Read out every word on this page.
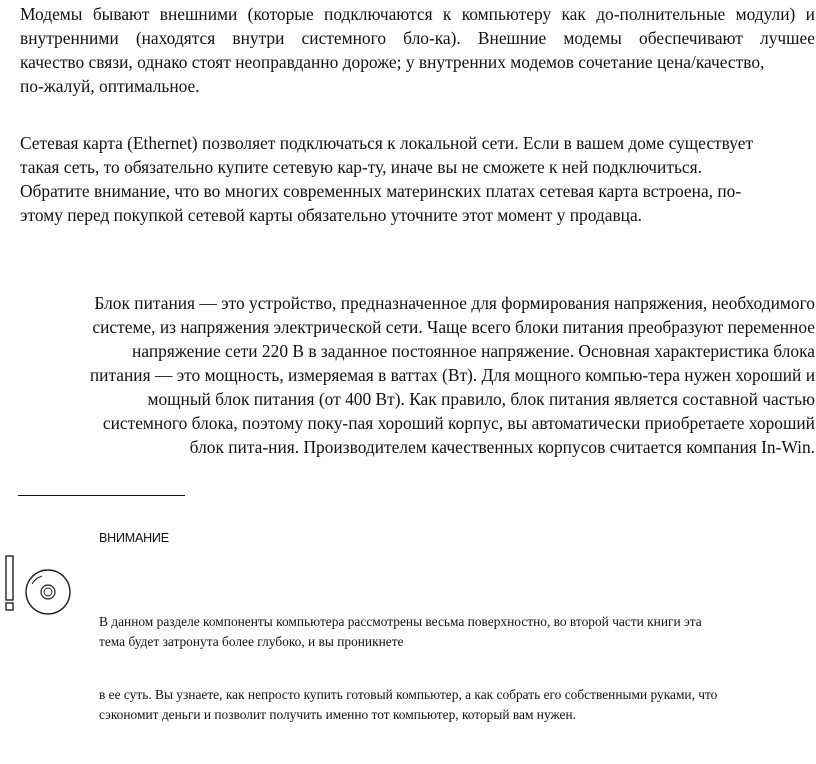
Модемы бывают внешними (которые подключаются к компьютеру как до-полнительные модули) и
внутренними (находятся внутри системного бло-ка). Внешние модемы обеспечивают лучшее
качество связи, однако стоят неоправданно дороже; у внутренних модемов сочетание цена/качество,
по-жалуй, оптимальное.
Сетевая карта (Ethernet) позволяет подключаться к локальной сети. Если в вашем доме существует
такая сеть, то обязательно купите сетевую кар-ту, иначе вы не сможете к ней подключиться.
Обратите внимание, что во многих современных материнских платах сетевая карта встроена, по-
этому перед покупкой сетевой карты обязательно уточните этот момент у продавца.
Блок питания — это устройство, предназначенное для формирования напряжения, необходимого
системе, из напряжения электрической сети. Чаще всего блоки питания преобразуют переменное
напряжение сети 220 В в заданное постоянное напряжение. Основная характеристика блока
питания — это мощность, измеряемая в ваттах (Вт). Для мощного компью-тера нужен хороший и
мощный блок питания (от 400 Вт). Как правило, блок питания является составной частью
системного блока, поэтому поку-пая хороший корпус, вы автоматически приобретаете хороший
блок пита-ния. Производителем качественных корпусов считается компания In-Win.
ВНИМАНИЕ
В данном разделе компоненты компьютера рассмотрены весьма поверхностно, во второй части книги эта
тема будет затронута более глубоко, и вы проникнете
в ее суть. Вы узнаете, как непросто купить готовый компьютер, а как собрать его собственными руками, что
сэкономит деньги и позволит получить именно тот компьютер, который вам нужен.
